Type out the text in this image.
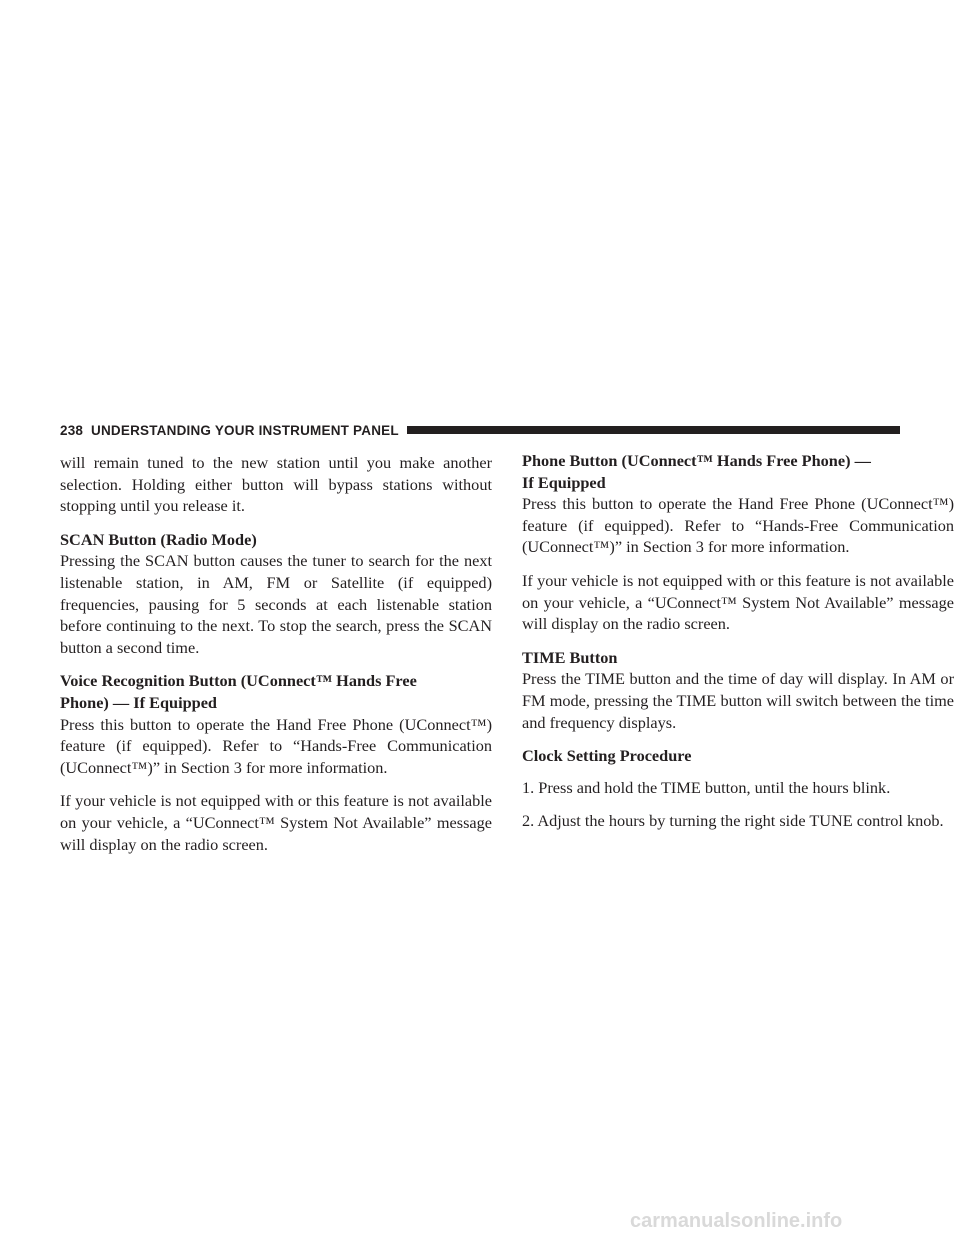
238 UNDERSTANDING YOUR INSTRUMENT PANEL

will remain tuned to the new station until you make another selection. Holding either button will bypass stations without stopping until you release it.

SCAN Button (Radio Mode)

Pressing the SCAN button causes the tuner to search for the next listenable station, in AM, FM or Satellite (if equipped) frequencies, pausing for 5 seconds at each listenable station before continuing to the next. To stop the search, press the SCAN button a second time.

Voice Recognition Button (UConnect™ Hands Free
Phone) — If Equipped

Press this button to operate the Hand Free Phone (UConnect™) feature (if equipped). Refer to “Hands-Free Communication (UConnect™)” in Section 3 for more information.

If your vehicle is not equipped with or this feature is not available on your vehicle, a “UConnect™ System Not Available” message will display on the radio screen.

Phone Button (UConnect™ Hands Free Phone) —
If Equipped

Press this button to operate the Hand Free Phone (UConnect™) feature (if equipped). Refer to “Hands-Free Communication (UConnect™)” in Section 3 for more information.

If your vehicle is not equipped with or this feature is not available on your vehicle, a “UConnect™ System Not Available” message will display on the radio screen.

TIME Button

Press the TIME button and the time of day will display. In AM or FM mode, pressing the TIME button will switch between the time and frequency displays.

Clock Setting Procedure

1. Press and hold the TIME button, until the hours blink.

2. Adjust the hours by turning the right side TUNE control knob.

carmanualsonline.info
